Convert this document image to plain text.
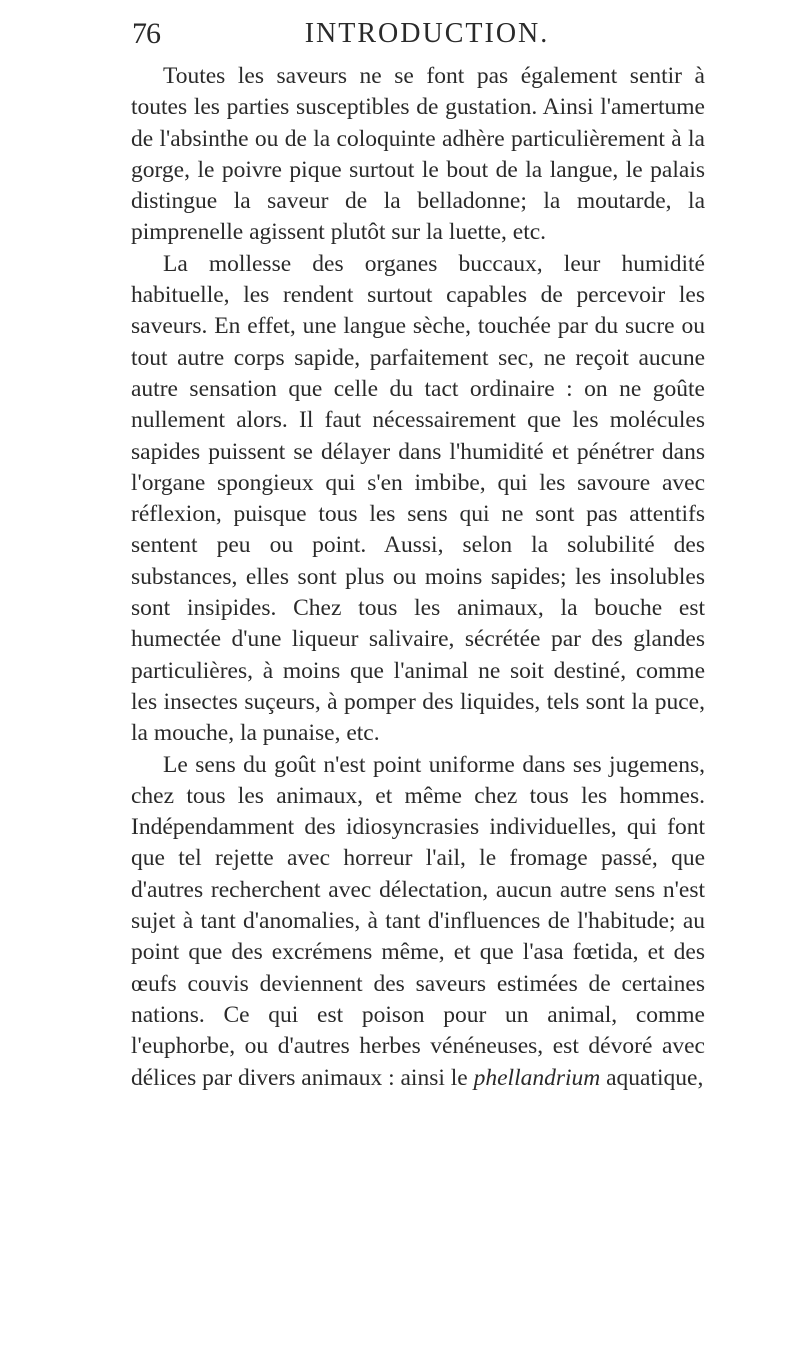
76	INTRODUCTION.

Toutes les saveurs ne se font pas également sentir à toutes les parties susceptibles de gustation. Ainsi l'amertume de l'absinthe ou de la coloquinte adhère particulièrement à la gorge, le poivre pique surtout le bout de la langue, le palais distingue la saveur de la belladonne; la moutarde, la pimprenelle agissent plutôt sur la luette, etc.

La mollesse des organes buccaux, leur humidité habituelle, les rendent surtout capables de percevoir les saveurs. En effet, une langue sèche, touchée par du sucre ou tout autre corps sapide, parfaitement sec, ne reçoit aucune autre sensation que celle du tact ordinaire : on ne goûte nullement alors. Il faut nécessairement que les molécules sapides puissent se délayer dans l'humidité et pénétrer dans l'organe spongieux qui s'en imbibe, qui les savoure avec réflexion, puisque tous les sens qui ne sont pas attentifs sentent peu ou point. Aussi, selon la solubilité des substances, elles sont plus ou moins sapides; les insolubles sont insipides. Chez tous les animaux, la bouche est humectée d'une liqueur salivaire, sécrétée par des glandes particulières, à moins que l'animal ne soit destiné, comme les insectes suçeurs, à pomper des liquides, tels sont la puce, la mouche, la punaise, etc.

Le sens du goût n'est point uniforme dans ses jugemens, chez tous les animaux, et même chez tous les hommes. Indépendamment des idiosyncrasies individuelles, qui font que tel rejette avec horreur l'ail, le fromage passé, que d'autres recherchent avec délectation, aucun autre sens n'est sujet à tant d'anomalies, à tant d'influences de l'habitude; au point que des excrémens même, et que l'asa fœtida, et des œufs couvis deviennent des saveurs estimées de certaines nations. Ce qui est poison pour un animal, comme l'euphorbe, ou d'autres herbes vénéneuses, est dévoré avec délices par divers animaux : ainsi le phellandrium aquatique,
